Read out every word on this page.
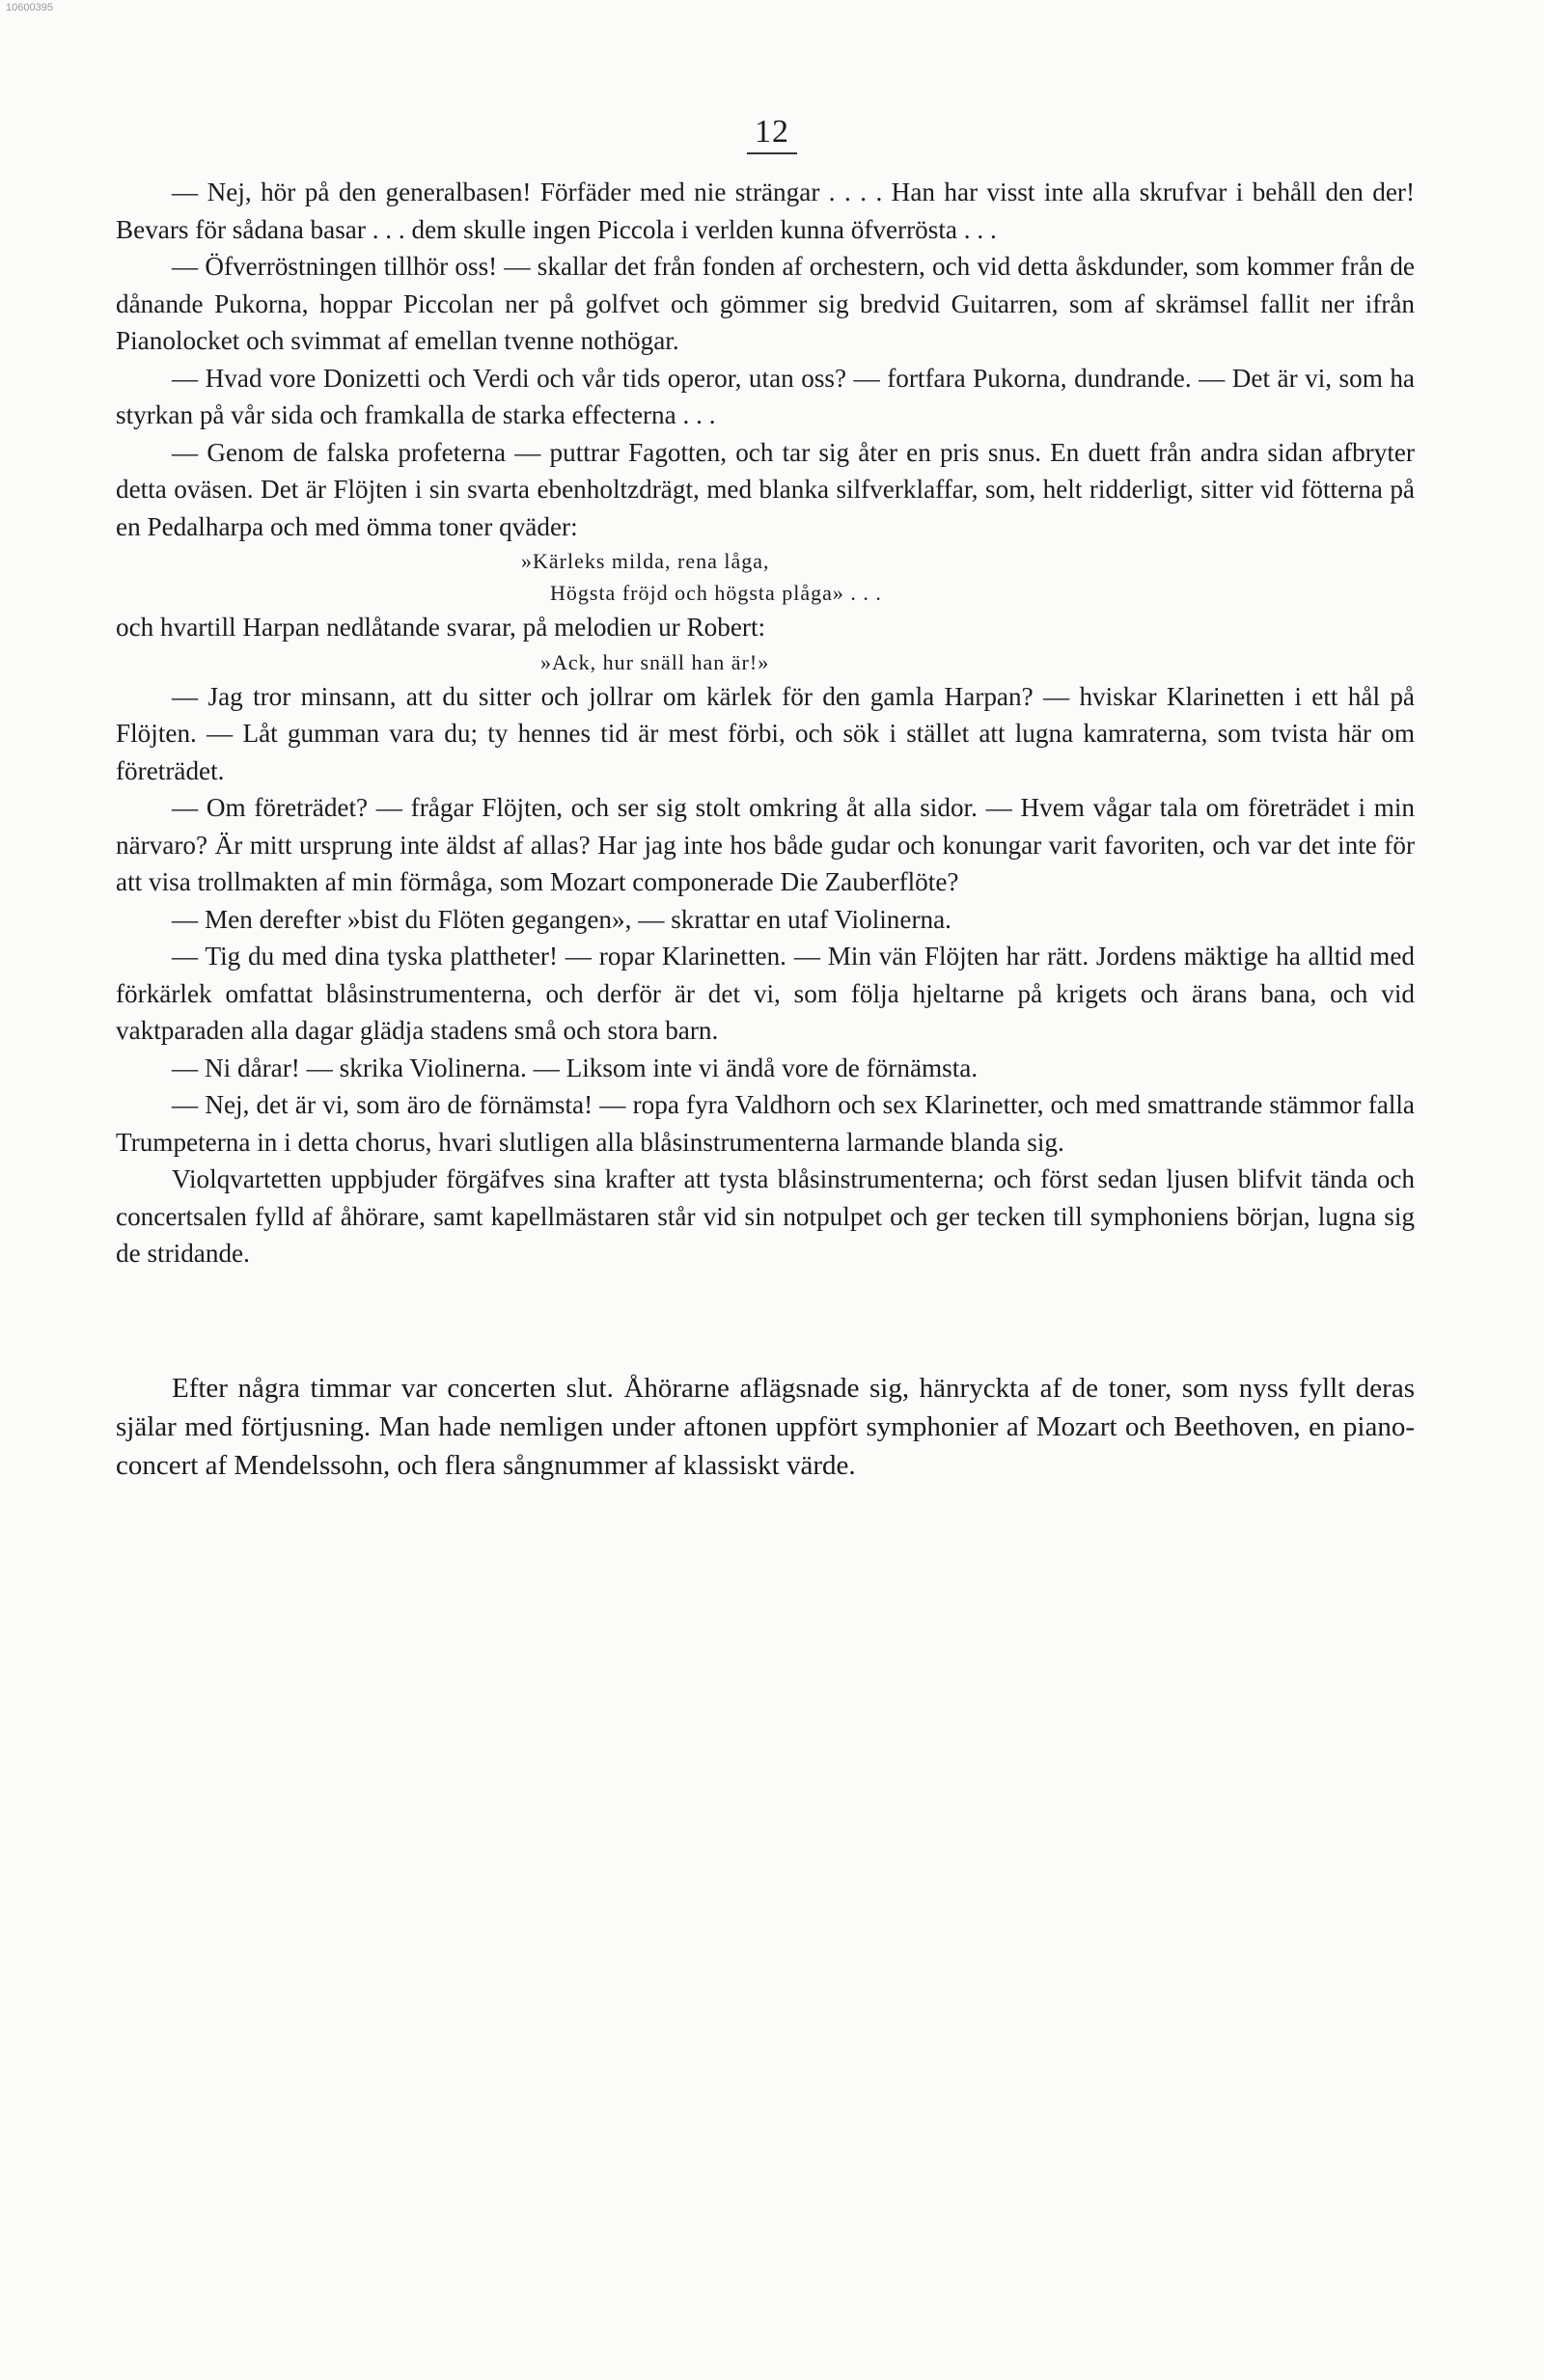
10600395
12

— Nej, hör på den generalbasen! Förfäder med nie strängar . . . . Han har visst inte alla skrufvar i behåll den der! Bevars för sådana basar . . . dem skulle ingen Piccola i verlden kunna öfverrösta . . .

— Öfverröstningen tillhör oss! — skallar det från fonden af orchestern, och vid detta åskdunder, som kommer från de dånande Pukorna, hoppar Piccolan ner på golfvet och gömmer sig bredvid Guitarren, som af skrämsel fallit ner ifrån Pianolocket och svimmat af emellan tvenne nothögar.

— Hvad vore Donizetti och Verdi och vår tids operor, utan oss? — fortfara Pukorna, dundrande. — Det är vi, som ha styrkan på vår sida och framkalla de starka effecterna . . .

— Genom de falska profeterna — puttrar Fagotten, och tar sig åter en pris snus. En duett från andra sidan afbryter detta oväsen. Det är Flöjten i sin svarta ebenholtzdrägt, med blanka silfverklaffar, som, helt ridderligt, sitter vid fötterna på en Pedalharpa och med ömma toner qväder:

»Kärleks milda, rena låga,
Högsta fröjd och högsta plåga» . . .

och hvartill Harpan nedlåtande svarar, på melodien ur Robert:

»Ack, hur snäll han är!»

— Jag tror minsann, att du sitter och jollrar om kärlek för den gamla Harpan? — hviskar Klarinetten i ett hål på Flöjten. — Låt gumman vara du; ty hennes tid är mest förbi, och sök i stället att lugna kamraterna, som tvista här om företrädet.

— Om företrädet? — frågar Flöjten, och ser sig stolt omkring åt alla sidor. — Hvem vågar tala om företrädet i min närvaro? Är mitt ursprung inte äldst af allas? Har jag inte hos både gudar och konungar varit favoriten, och var det inte för att visa trollmakten af min förmåga, som Mozart componerade Die Zauberflöte?

— Men derefter »bist du Flöten gegangen», — skrattar en utaf Violinerna.

— Tig du med dina tyska plattheter! — ropar Klarinetten. — Min vän Flöjten har rätt. Jordens mäktige ha alltid med förkärlek omfattat blåsinstrumenterna, och derför är det vi, som följa hjeltarne på krigets och ärans bana, och vid vaktparaden alla dagar glädja stadens små och stora barn.

— Ni dårar! — skrika Violinerna. — Liksom inte vi ändå vore de förnämsta.

— Nej, det är vi, som äro de förnämsta! — ropa fyra Valdhorn och sex Klarinetter, och med smattrande stämmor falla Trumpeterna in i detta chorus, hvari slutligen alla blåsinstrumenterna larmande blanda sig.

Violqvartetten uppbjuder förgäfves sina krafter att tysta blåsinstrumenterna; och först sedan ljusen blifvit tända och concertsalen fylld af åhörare, samt kapellmästaren står vid sin notpulpet och ger tecken till symphoniens början, lugna sig de stridande.

Efter några timmar var concerten slut. Åhörarne aflägsnade sig, hänryckta af de toner, som nyss fyllt deras själar med förtjusning. Man hade nemligen under aftonen uppfört symphonier af Mozart och Beethoven, en piano-concert af Mendelssohn, och flera sångnummer af klassiskt värde.
